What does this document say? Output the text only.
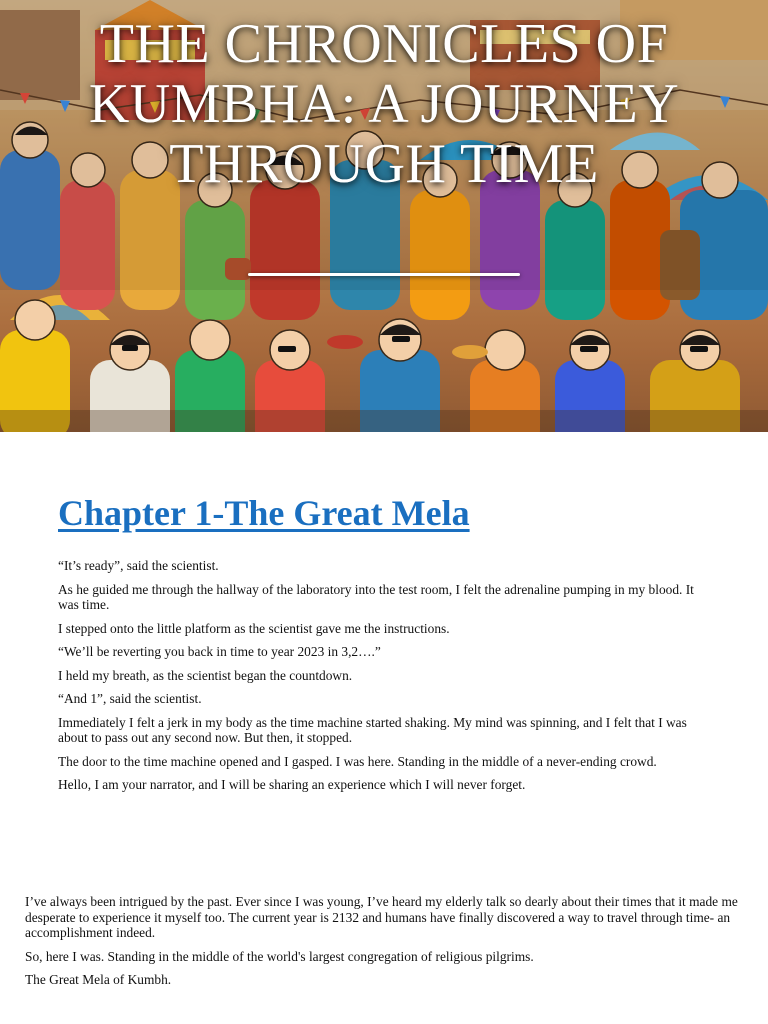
THE CHRONICLES OF KUMBHA: A JOURNEY THROUGH TIME
Chapter 1-The Great Mela

“It’s ready”, said the scientist.

As he guided me through the hallway of the laboratory into the test room, I felt the adrenaline pumping in my blood. It was time.

I stepped onto the little platform as the scientist gave me the instructions.

“We’ll be reverting you back in time to year 2023 in 3,2….”

I held my breath, as the scientist began the countdown.

“And 1”, said the scientist.

Immediately I felt a jerk in my body as the time machine started shaking. My mind was spinning, and I felt that I was about to pass out any second now. But then, it stopped.

The door to the time machine opened and I gasped. I was here. Standing in the middle of a never-ending crowd.

Hello, I am your narrator, and I will be sharing an experience which I will never forget.

I’ve always been intrigued by the past. Ever since I was young, I’ve heard my elderly talk so dearly about their times that it made me desperate to experience it myself too. The current year is 2132 and humans have finally discovered a way to travel through time- an accomplishment indeed.

So, here I was. Standing in the middle of the world's largest congregation of religious pilgrims.

The Great Mela of Kumbh.
